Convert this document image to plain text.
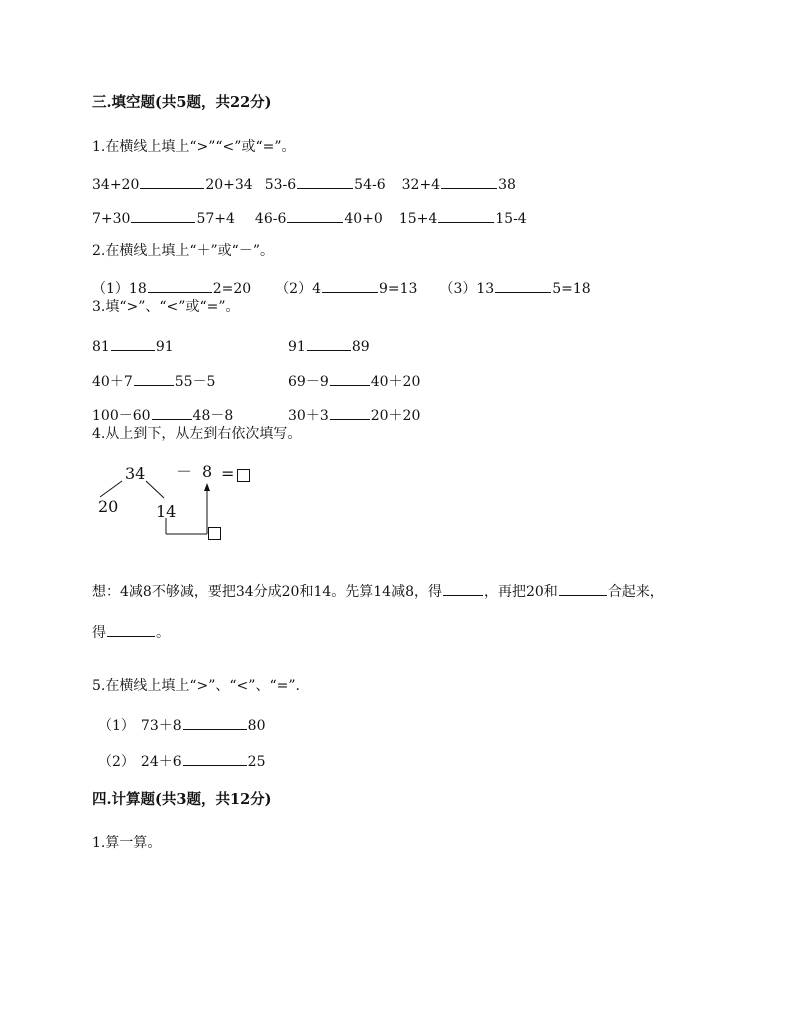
三.填空题(共5题，共22分)
1.在横线上填上“>”“<”或“=”。
34+20	20+34 53-6	54-6 32+4	38
7+30	57+4 46-6	40+0 15+4	15-4
2.在横线上填上“＋”或“－”。
（1）18	2=20 （2）4	9=13 （3）13	5=18
3.填“>”、“<”或“=”。
81	91	91	89
40＋7	55－5	69－9	40＋20
100－60	48－8	30＋3	20＋20
4.从上到下，从左到右依次填写。
34 － 8 =
20 14
想：4减8不够减，要把34分成20和14。先算14减8，得	，再把20和	合起来，
得	。
5.在横线上填上“>”、“<”、“=”.
（1） 73＋8	80
（2） 24＋6	25
四.计算题(共3题，共12分)
1.算一算。
